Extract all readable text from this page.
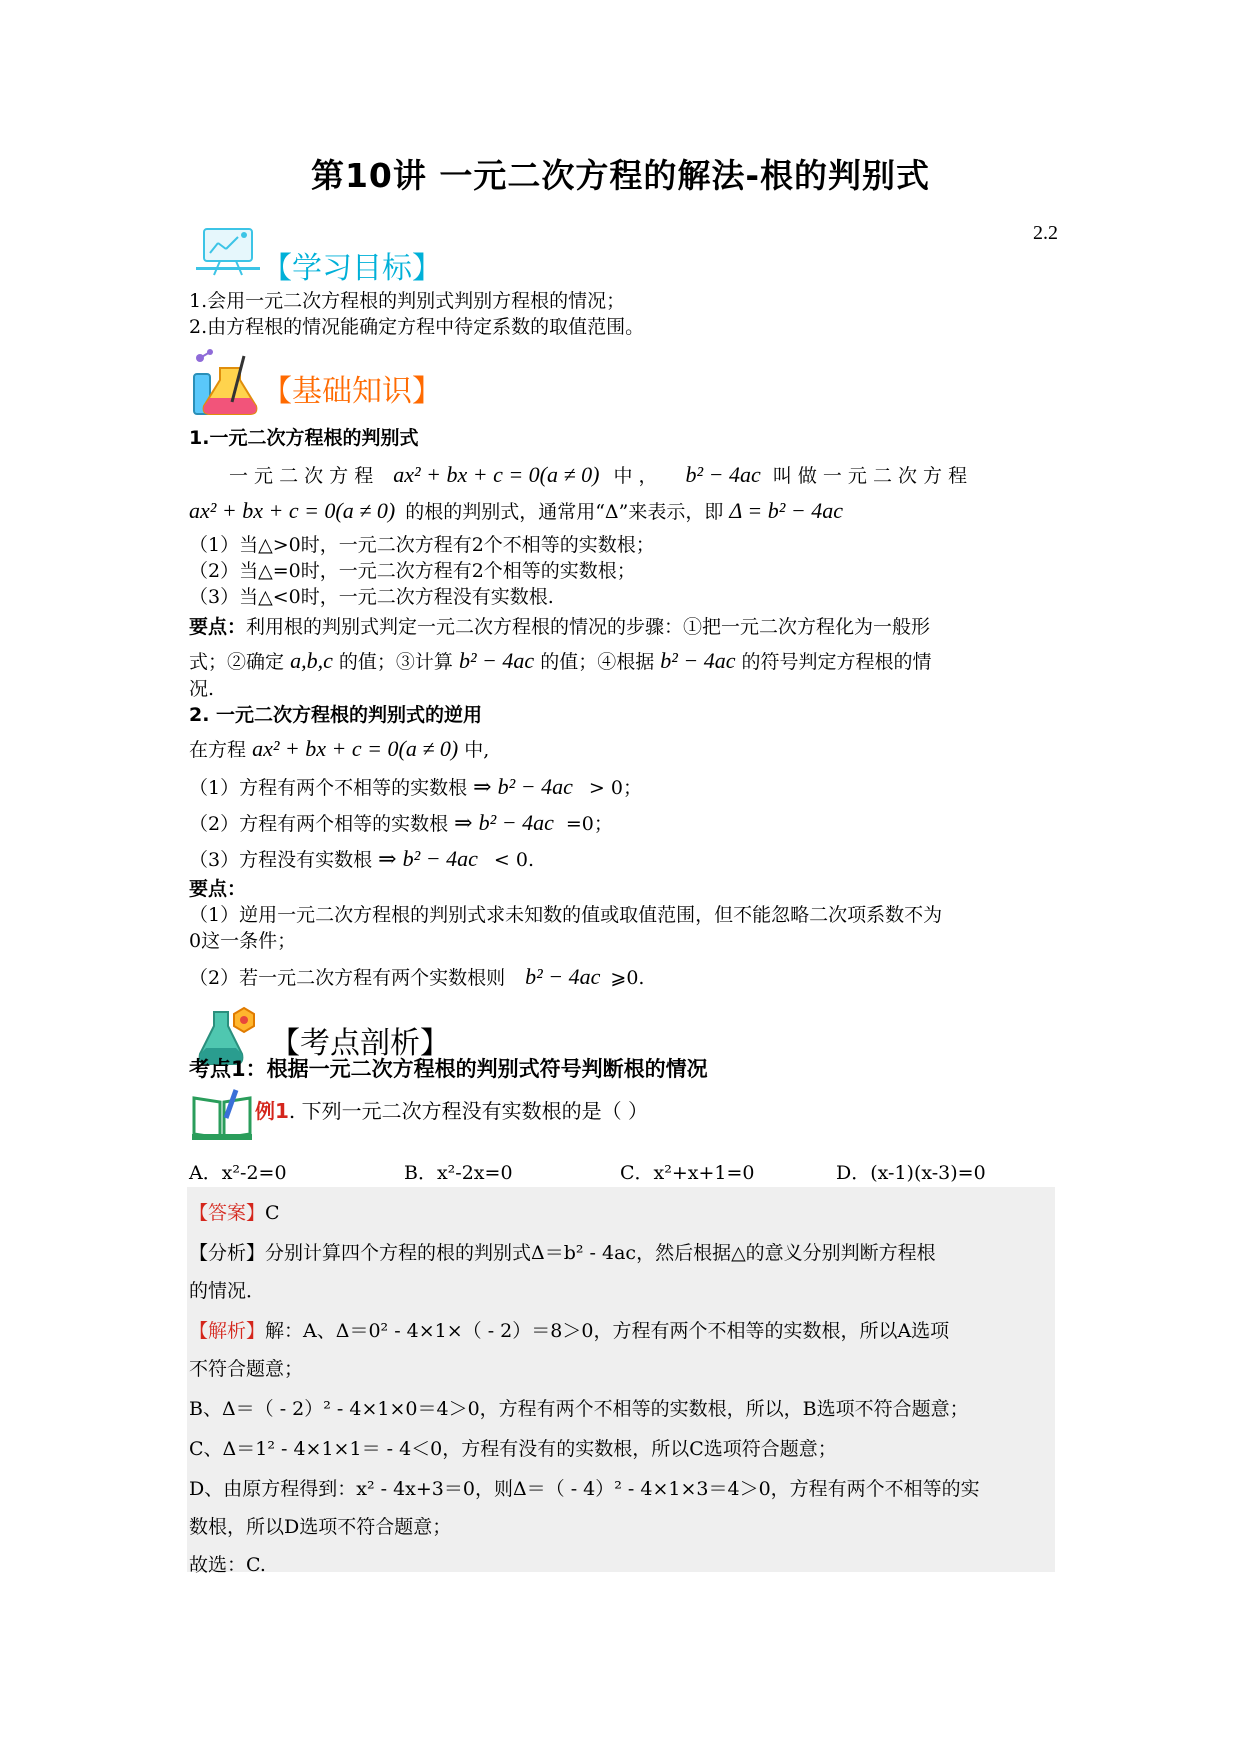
第10讲 一元二次方程的解法-根的判别式
2.2
【学习目标】
1.会用一元二次方程根的判别式判别方程根的情况；
2.由方程根的情况能确定方程中待定系数的取值范围。
【基础知识】
1.一元二次方程根的判别式
一 元 二 次 方 程 ax² + bx + c = 0(a ≠ 0) 中 ， b² − 4ac 叫 做 一 元 二 次 方 程
ax² + bx + c = 0(a ≠ 0) 的根的判别式，通常用“Δ”来表示，即 Δ = b² − 4ac
（1）当△>0时，一元二次方程有2个不相等的实数根；
（2）当△=0时，一元二次方程有2个相等的实数根；
（3）当△<0时，一元二次方程没有实数根.
要点：利用根的判别式判定一元二次方程根的情况的步骤：①把一元二次方程化为一般形
式；②确定 a,b,c 的值；③计算 b² − 4ac 的值；④根据 b² − 4ac 的符号判定方程根的情
况.
2. 一元二次方程根的判别式的逆用
在方程 ax² + bx + c = 0(a ≠ 0) 中,
（1）方程有两个不相等的实数根 ⇒ b² − 4ac > 0；
（2）方程有两个相等的实数根 ⇒ b² − 4ac =0；
（3）方程没有实数根 ⇒ b² − 4ac < 0.
要点：
（1）逆用一元二次方程根的判别式求未知数的值或取值范围，但不能忽略二次项系数不为
0这一条件；
（2）若一元二次方程有两个实数根则 b² − 4ac ⩾0.
【考点剖析】
考点1：根据一元二次方程根的判别式符号判断根的情况
例1. 下列一元二次方程没有实数根的是（ ）
A．x²-2=0	B．x²-2x=0	C．x²+x+1=0	D．(x-1)(x-3)=0
【答案】C
【分析】分别计算四个方程的根的判别式Δ＝b² - 4ac，然后根据△的意义分别判断方程根
的情况．
【解析】解：A、Δ＝0² - 4×1×（ - 2）＝8＞0，方程有两个不相等的实数根，所以A选项
不符合题意；
B、Δ＝（ - 2）² - 4×1×0＝4＞0，方程有两个不相等的实数根，所以，B选项不符合题意；
C、Δ＝1² - 4×1×1＝ - 4＜0，方程有没有的实数根，所以C选项符合题意；
D、由原方程得到：x² - 4x+3＝0，则Δ＝（ - 4）² - 4×1×3＝4＞0，方程有两个不相等的实
数根，所以D选项不符合题意；
故选：C.
